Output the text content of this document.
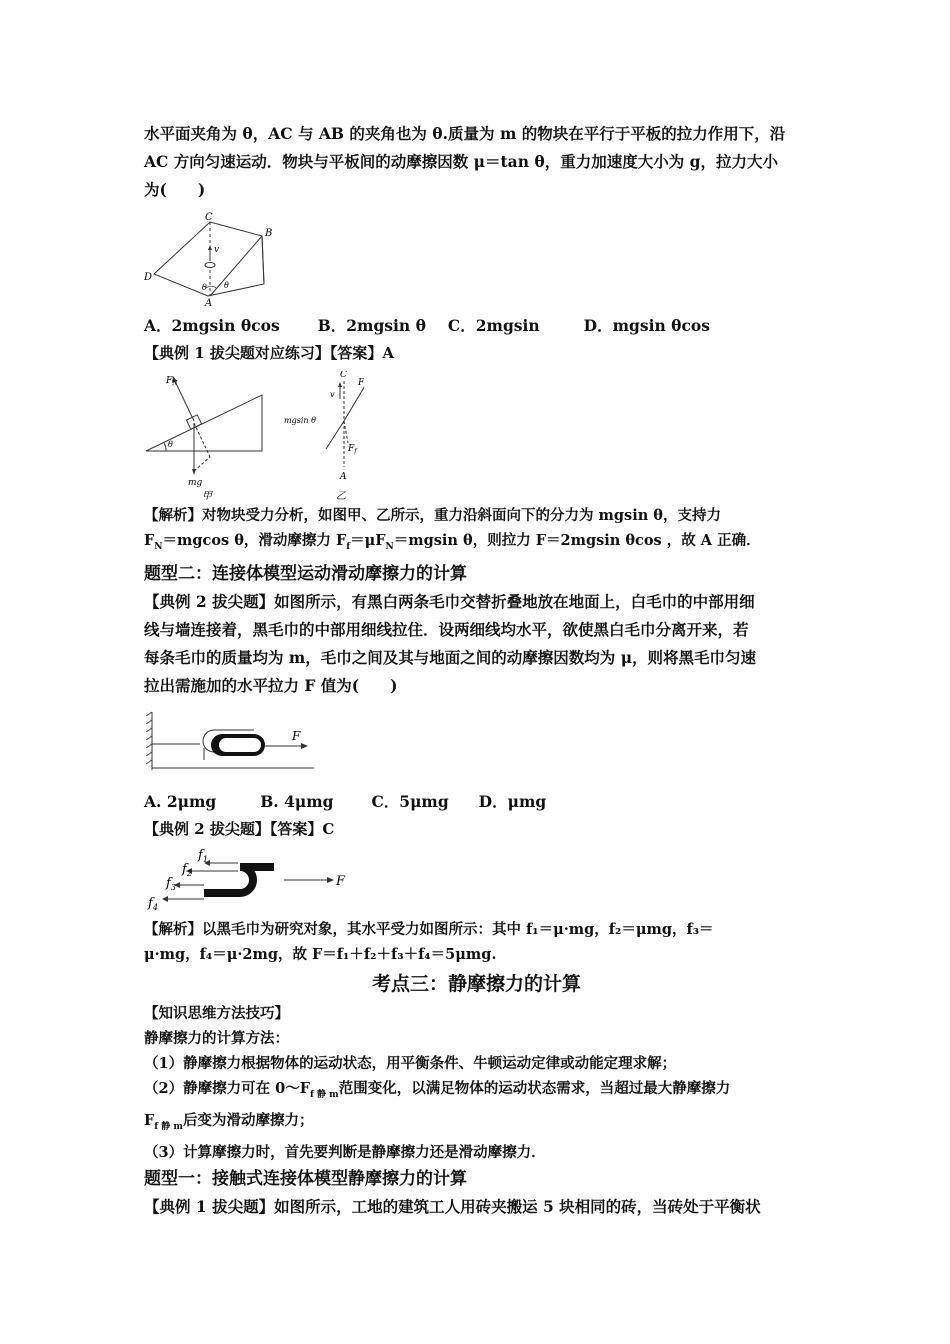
水平面夹角为 θ，AC 与 AB 的夹角也为 θ.质量为 m 的物块在平行于平板的拉力作用下，沿

AC 方向匀速运动．物块与平板间的动摩擦因数 μ＝tan θ，重力加速度大小为 g，拉力大小

为(　　)

C
B
D
A
v
θ θ
A．2mgsin θcos B．2mgsin θ C．2mgsin	D．mgsin θcos

【典例 1 拔尖题对应练习】【答案】A

$F_N$
θ
mg
甲
C
F
v
mgsin θ
$F_f$
A
乙

【解析】对物块受力分析，如图甲、乙所示，重力沿斜面向下的分力为 mgsin θ，支持力

$F_N=mgcos$ θ，滑动摩擦力 $F_f=\mu F_N=mgsin$ θ，则拉力 F＝2mgsin θcos ，故 A 正确．

题型二：连接体模型运动滑动摩擦力的计算

【典例 2 拔尖题】如图所示，有黑白两条毛巾交替折叠地放在地面上，白毛巾的中部用细

线与墙连接着，黑毛巾的中部用细线拉住．设两细线均水平，欲使黑白毛巾分离开来，若

每条毛巾的质量均为 m，毛巾之间及其与地面之间的动摩擦因数均为 μ，则将黑毛巾匀速

拉出需施加的水平拉力 F 值为(　　)

F
A. 2μmg	B. 4μmg C．5μmg D．μmg

【典例 2 拔尖题】【答案】C

$f_1$
$f_2$
$f_3$
$f_4$
F

【解析】以黑毛巾为研究对象，其水平受力如图所示：其中 f₁＝μ·mg，f₂＝μmg，f₃＝

μ·mg，f₄＝μ·2mg，故 F＝f₁＋f₂＋f₃＋f₄＝5μmg.

考点三：静摩擦力的计算

【知识思维方法技巧】

静摩擦力的计算方法：

（1）静摩擦力根据物体的运动状态，用平衡条件、牛顿运动定律或动能定理求解；

（2）静摩擦力可在 $0\sim F_{f 静 m}$范围变化，以满足物体的运动状态需求，当超过最大静摩擦力

$F_{f 静 m}$后变为滑动摩擦力；

（3）计算摩擦力时，首先要判断是静摩擦力还是滑动摩擦力．

题型一：接触式连接体模型静摩擦力的计算

【典例 1 拔尖题】如图所示，工地的建筑工人用砖夹搬运 5 块相同的砖，当砖处于平衡状
